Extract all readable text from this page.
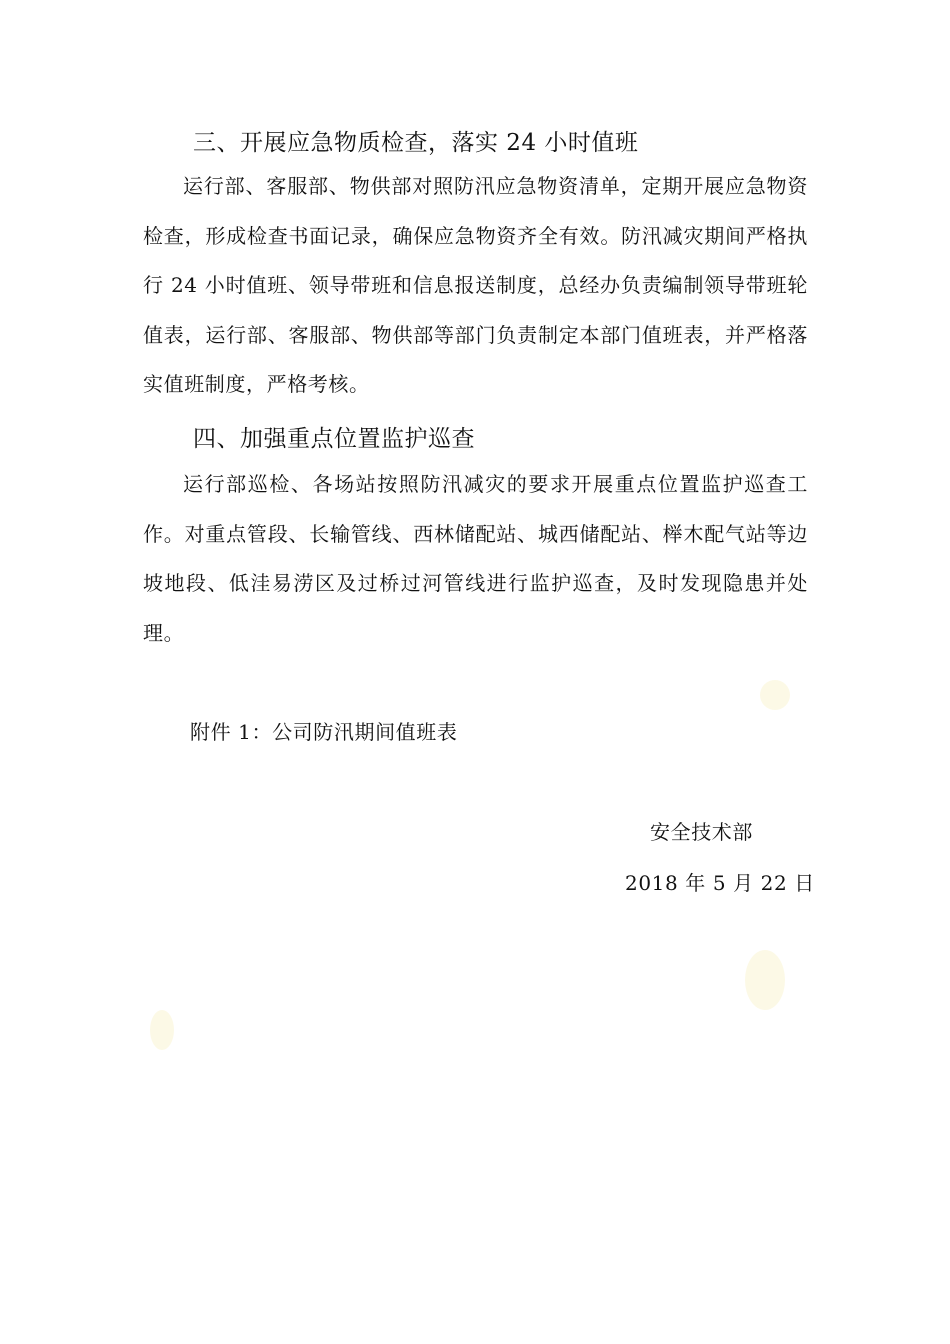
三、开展应急物质检查，落实 24 小时值班

运行部、客服部、物供部对照防汛应急物资清单，定期开展应急物资检查，形成检查书面记录，确保应急物资齐全有效。防汛减灾期间严格执行 24 小时值班、领导带班和信息报送制度，总经办负责编制领导带班轮值表，运行部、客服部、物供部等部门负责制定本部门值班表，并严格落实值班制度，严格考核。

四、加强重点位置监护巡查

运行部巡检、各场站按照防汛减灾的要求开展重点位置监护巡查工作。对重点管段、长输管线、西林储配站、城西储配站、榉木配气站等边坡地段、低洼易涝区及过桥过河管线进行监护巡查，及时发现隐患并处理。

附件 1：公司防汛期间值班表
安全技术部
2018 年 5 月 22 日
